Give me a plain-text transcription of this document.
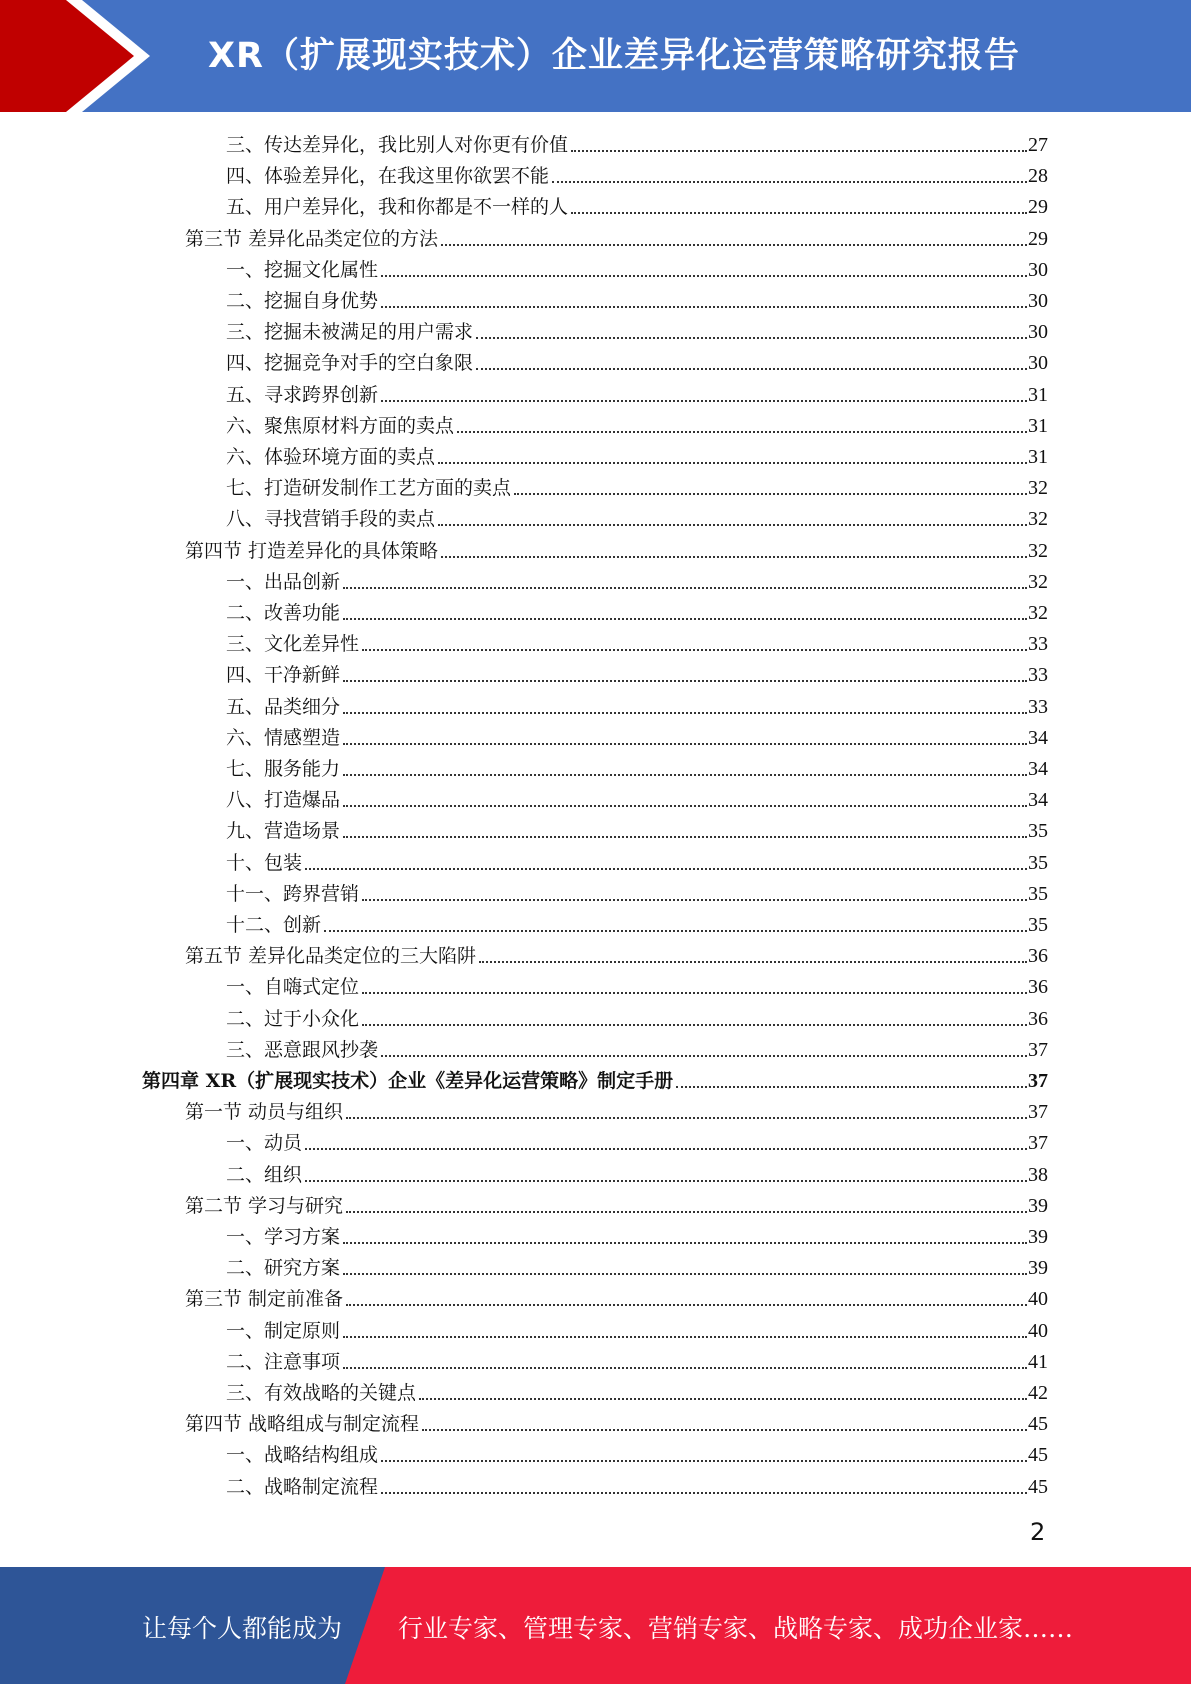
XR（扩展现实技术）企业差异化运营策略研究报告
三、传达差异化，我比别人对你更有价值	27
四、体验差异化，在我这里你欲罢不能	28
五、用户差异化，我和你都是不一样的人	29
第三节 差异化品类定位的方法	29
一、挖掘文化属性	30
二、挖掘自身优势	30
三、挖掘未被满足的用户需求	30
四、挖掘竞争对手的空白象限	30
五、寻求跨界创新	31
六、聚焦原材料方面的卖点	31
六、体验环境方面的卖点	31
七、打造研发制作工艺方面的卖点	32
八、寻找营销手段的卖点	32
第四节 打造差异化的具体策略	32
一、出品创新	32
二、改善功能	32
三、文化差异性	33
四、干净新鲜	33
五、品类细分	33
六、情感塑造	34
七、服务能力	34
八、打造爆品	34
九、营造场景	35
十、包装	35
十一、跨界营销	35
十二、创新	35
第五节 差异化品类定位的三大陷阱	36
一、自嗨式定位	36
二、过于小众化	36
三、恶意跟风抄袭	37
第四章 XR（扩展现实技术）企业《差异化运营策略》制定手册	37
第一节 动员与组织	37
一、动员	37
二、组织	38
第二节 学习与研究	39
一、学习方案	39
二、研究方案	39
第三节 制定前准备	40
一、制定原则	40
二、注意事项	41
三、有效战略的关键点	42
第四节 战略组成与制定流程	45
一、战略结构组成	45
二、战略制定流程	45
2
让每个人都能成为 行业专家、管理专家、营销专家、战略专家、成功企业家……
